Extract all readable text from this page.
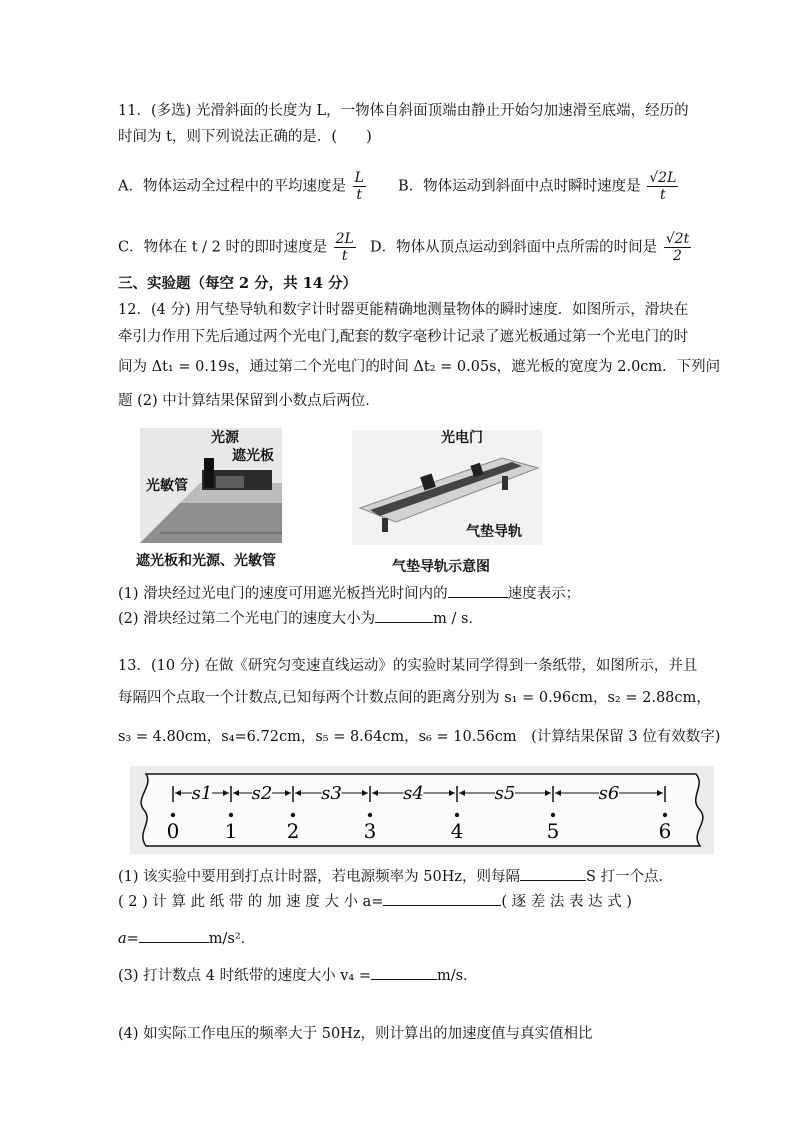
11．(多选) 光滑斜面的长度为 L，一物体自斜面顶端由静止开始匀加速滑至底端，经历的
时间为 t，则下列说法正确的是．(　　)
A．物体运动全过程中的平均速度是 $\frac{L}{t}$ B．物体运动到斜面中点时瞬时速度是 $\frac{√2L}{t}$
C．物体在 t / 2 时的即时速度是 $\frac{2L}{t}$ D．物体从顶点运动到斜面中点所需的时间是 $\frac{√2t}{2}$
三、实验题（每空 2 分，共 14 分）
12．(4 分) 用气垫导轨和数字计时器更能精确地测量物体的瞬时速度．如图所示，滑块在
牵引力作用下先后通过两个光电门,配套的数字毫秒计记录了遮光板通过第一个光电门的时
间为 Δt₁ = 0.19s，通过第二个光电门的时间 Δt₂ = 0.05s，遮光板的宽度为 2.0cm．下列问
题 (2) 中计算结果保留到小数点后两位．
光源
遮光板
光敏管
遮光板和光源、光敏管
光电门
气垫导轨
气垫导轨示意图
(1) 滑块经过光电门的速度可用遮光板挡光时间内的	速度表示；
(2) 滑块经过第二个光电门的速度大小为	m / s．
13．(10 分) 在做《研究匀变速直线运动》的实验时某同学得到一条纸带，如图所示，并且
每隔四个点取一个计数点,已知每两个计数点间的距离分别为 s₁ = 0.96cm，s₂ = 2.88cm，
s₃ = 4.80cm，s₄=6.72cm，s₅ = 8.64cm，s₆ = 10.56cm　(计算结果保留 3 位有效数字)
0 1 2	3	4	5	6
s1 s2	s3	s4	s5	s6
(1) 该实验中要用到打点计时器，若电源频率为 50Hz，则每隔	S 打一个点．
( 2 ) 计 算 此 纸 带 的 加 速 度 大 小 a=	( 逐 差 法 表 达 式 )
a=	m/s²．
(3) 打计数点 4 时纸带的速度大小 v₄ =	m/s．
(4) 如实际工作电压的频率大于 50Hz，则计算出的加速度值与真实值相比
